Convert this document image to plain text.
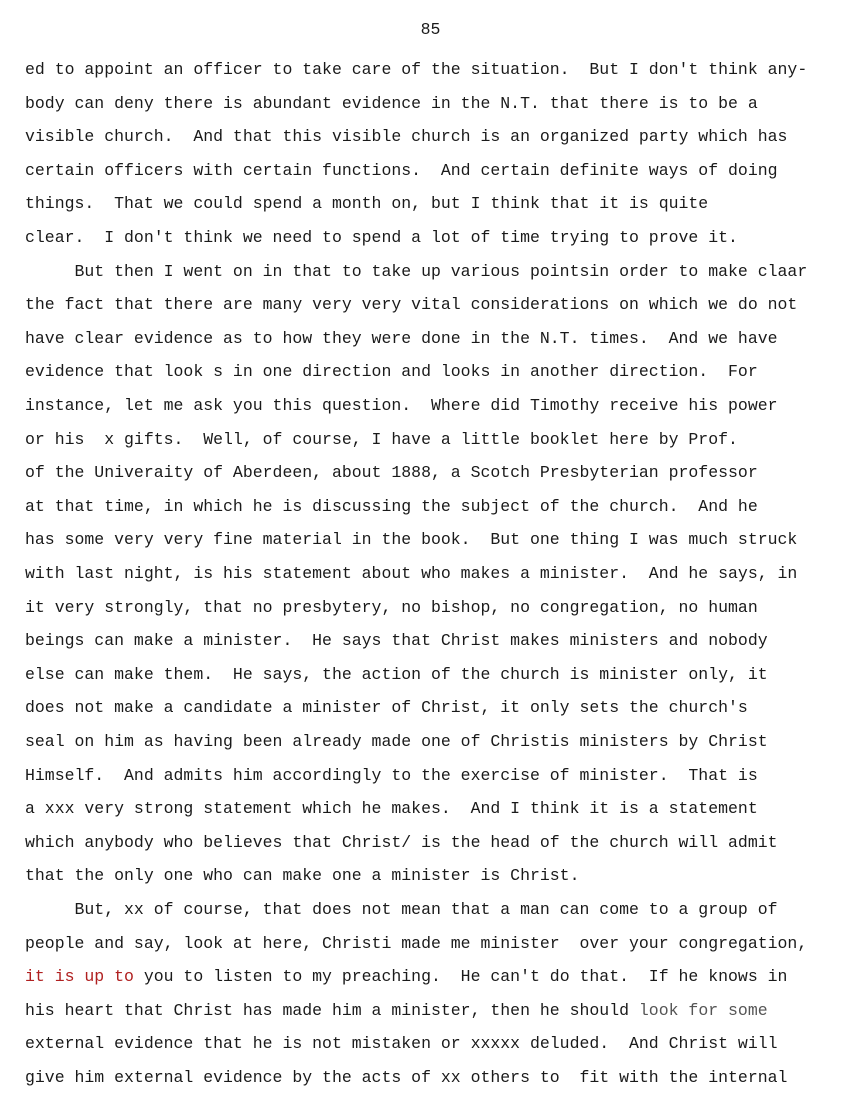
85
ed to appoint an officer to take care of the situation.  But I don't think any-
body can deny there is abundant evidence in the N.T. that there is to be a
visible church.  And that this visible church is an organized party which has
certain officers with certain functions.  And certain definite ways of doing
things.  That we could spend a month on, but I think that it is quite
clear.  I don't think we need to spend a lot of time trying to prove it.
But then I went on in that to take up various pointsin order to make claar
the fact that there are many very very vital considerations on which we do not
have clear evidence as to how they were done in the N.T. times.  And we have
evidence that look s in one direction and looks in another direction.  For
instance, let me ask you this question.  Where did Timothy receive his power
or his  x gifts.  Well, of course, I have a little booklet here by Prof.
of the Univeraity of Aberdeen, about 1888, a Scotch Presbyterian professor
at that time, in which he is discussing the subject of the church.  And he
has some very very fine material in the book.  But one thing I was much struck
with last night, is his statement about who makes a minister.  And he says, in
it very strongly, that no presbytery, no bishop, no congregation, no human
beings can make a minister.  He says that Christ makes ministers and nobody
else can make them.  He says, the action of the church is minister only, it
does not make a candidate a minister of Christ, it only sets the church's
seal on him as having been already made one of Christis ministers by Christ
Himself.  And admits him accordingly to the exercise of minister.  That is
a xxx very strong statement which he makes.  And I think it is a statement
which anybody who believes that Christ/ is the head of the church will admit
that the only one who can make one a minister is Christ.
But, xx of course, that does not mean that a man can come to a group of
people and say, look at here, Christi made me minister  over your congregation,
it is up to you to listen to my preaching.  He can't do that.  If he knows in
his heart that Christ has made him a minister, then he should look for some
external evidence that he is not mistaken or xxxxx deluded.  And Christ will
give him external evidence by the acts of xx others to  fit with the internal
